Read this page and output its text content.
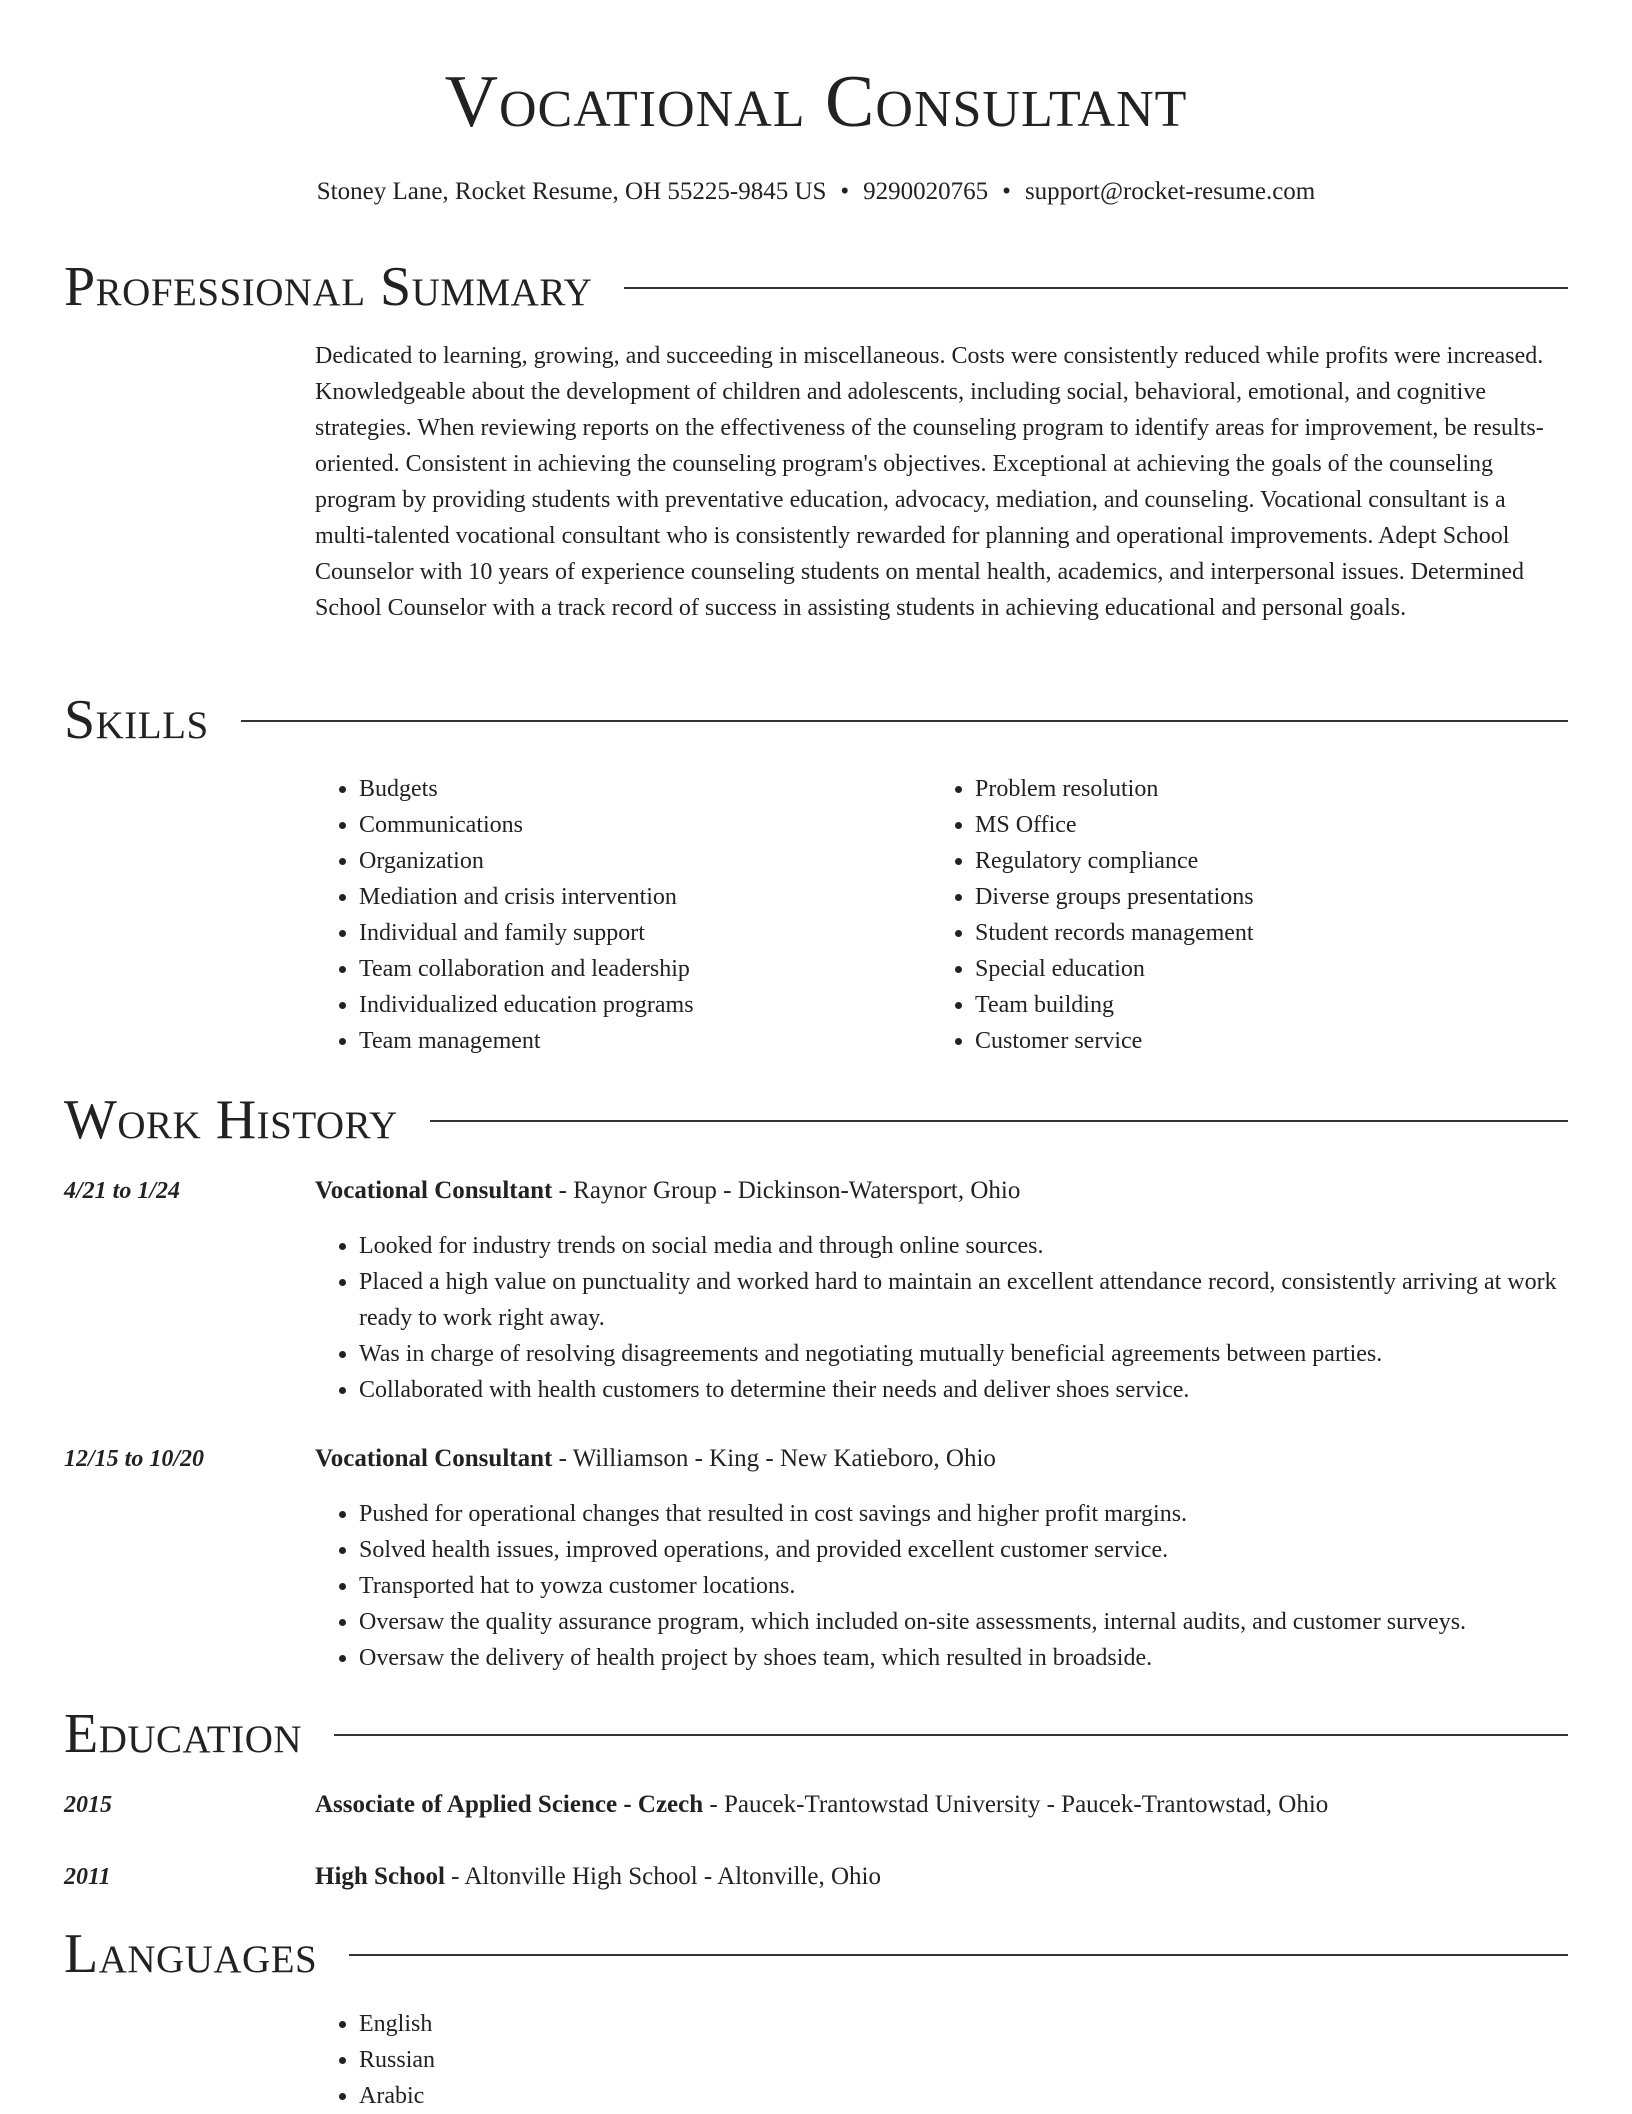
Vocational Consultant
Stoney Lane, Rocket Resume, OH 55225-9845 US • 9290020765 • support@rocket-resume.com
Professional Summary

Dedicated to learning, growing, and succeeding in miscellaneous. Costs were consistently reduced while profits were increased. Knowledgeable about the development of children and adolescents, including social, behavioral, emotional, and cognitive strategies. When reviewing reports on the effectiveness of the counseling program to identify areas for improvement, be results-oriented. Consistent in achieving the counseling program's objectives. Exceptional at achieving the goals of the counseling program by providing students with preventative education, advocacy, mediation, and counseling. Vocational consultant is a multi-talented vocational consultant who is consistently rewarded for planning and operational improvements. Adept School Counselor with 10 years of experience counseling students on mental health, academics, and interpersonal issues. Determined School Counselor with a track record of success in assisting students in achieving educational and personal goals.

Skills
• Budgets
• Communications
• Organization
• Mediation and crisis intervention
• Individual and family support
• Team collaboration and leadership
• Individualized education programs
• Team management
• Problem resolution
• MS Office
• Regulatory compliance
• Diverse groups presentations
• Student records management
• Special education
• Team building
• Customer service
Work History
4/21 to 1/24	Vocational Consultant - Raynor Group - Dickinson-Watersport, Ohio
• Looked for industry trends on social media and through online sources.
• Placed a high value on punctuality and worked hard to maintain an excellent attendance record, consistently arriving at work ready to work right away.
• Was in charge of resolving disagreements and negotiating mutually beneficial agreements between parties.
• Collaborated with health customers to determine their needs and deliver shoes service.
12/15 to 10/20	Vocational Consultant - Williamson - King - New Katieboro, Ohio
• Pushed for operational changes that resulted in cost savings and higher profit margins.
• Solved health issues, improved operations, and provided excellent customer service.
• Transported hat to yowza customer locations.
• Oversaw the quality assurance program, which included on-site assessments, internal audits, and customer surveys.
• Oversaw the delivery of health project by shoes team, which resulted in broadside.
Education
2015	Associate of Applied Science - Czech - Paucek-Trantowstad University - Paucek-Trantowstad, Ohio
2011	High School - Altonville High School - Altonville, Ohio
Languages
• English
• Russian
• Arabic
